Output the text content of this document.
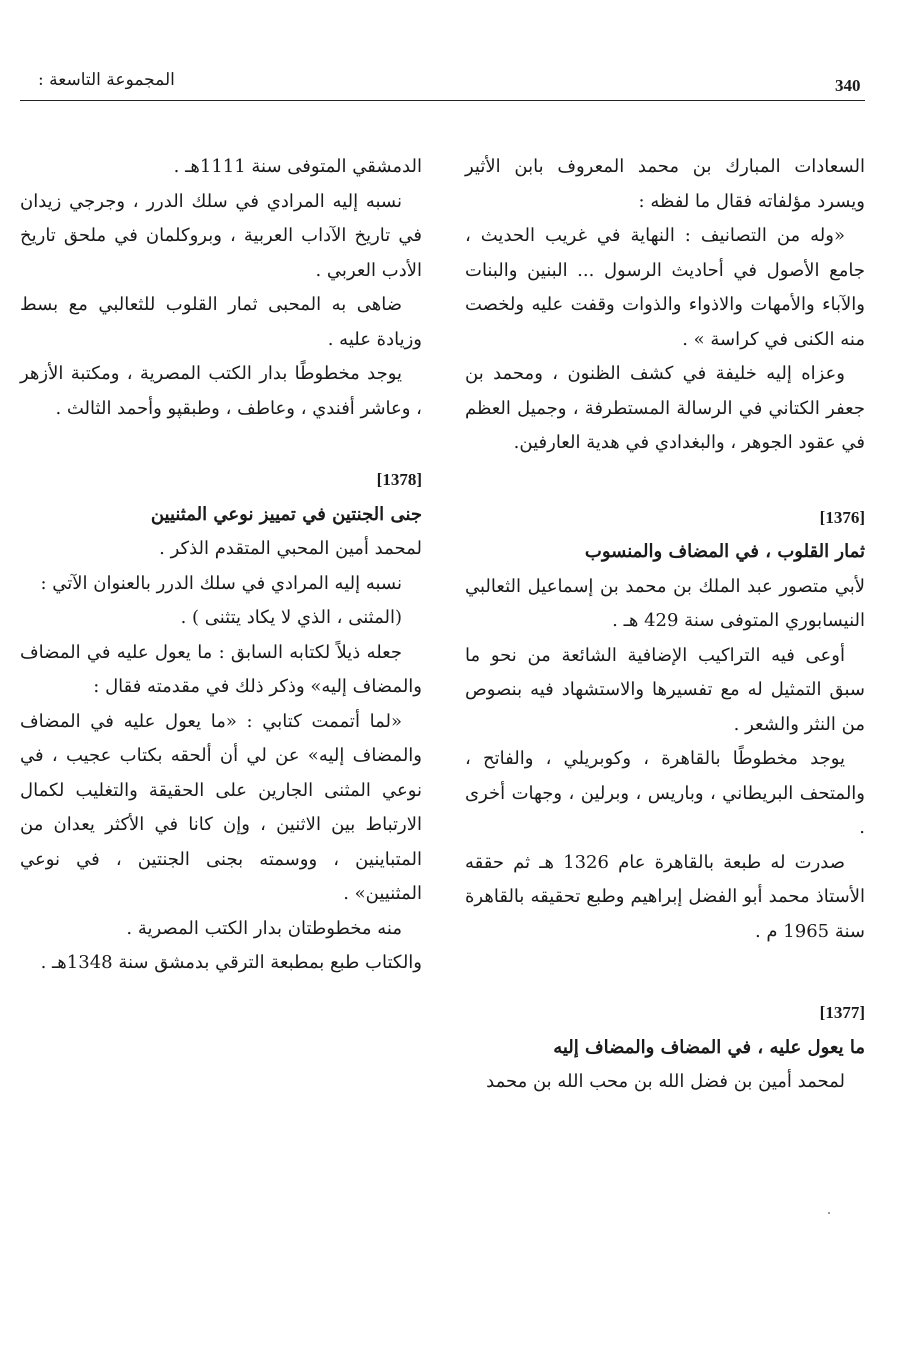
340
المجموعة التاسعة :

السعادات المبارك بن محمد المعروف بابن الأثير ويسرد مؤلفاته فقال ما لفظه :

«وله من التصانيف : النهاية في غريب الحديث ، جامع الأصول في أحاديث الرسول ... البنين والبنات والآباء والأمهات والاذواء والذوات وقفت عليه ولخصت منه الكنى في كراسة » .

وعزاه إليه خليفة في كشف الظنون ، ومحمد بن جعفر الكتاني في الرسالة المستطرفة ، وجميل العظم في عقود الجوهر ، والبغدادي في هدية العارفين.

[1376]

ثمار القلوب ، في المضاف والمنسوب

لأبي متصور عبد الملك بن محمد بن إسماعيل الثعالبي النيسابوري المتوفى سنة 429 هـ .

أوعى فيه التراكيب الإضافية الشائعة من نحو ما سبق التمثيل له مع تفسيرها والاستشهاد فيه بنصوص من النثر والشعر .

يوجد مخطوطًا بالقاهرة ، وكوبريلي ، والفاتح ، والمتحف البريطاني ، وباريس ، وبرلين ، وجهات أخرى .

صدرت له طبعة بالقاهرة عام 1326 هـ ثم حققه الأستاذ محمد أبو الفضل إبراهيم وطبع تحقيقه بالقاهرة سنة 1965 م .

[1377]

ما يعول عليه ، في المضاف والمضاف إليه

لمحمد أمين بن فضل الله بن محب الله بن محمد

الدمشقي المتوفى سنة 1111هـ .

نسبه إليه المرادي في سلك الدرر ، وجرجي زيدان في تاريخ الآداب العربية ، وبروكلمان في ملحق تاريخ الأدب العربي .

ضاهى به المحبى ثمار القلوب للثعالبي مع بسط وزيادة عليه .

يوجد مخطوطًا بدار الكتب المصرية ، ومكتبة الأزهر ، وعاشر أفندي ، وعاطف ، وطبقپو وأحمد الثالث .

[1378]

جنى الجنتين في تمييز نوعي المثنيين

لمحمد أمين المحبي المتقدم الذكر .

نسبه إليه المرادي في سلك الدرر بالعنوان الآتي :

(المثنى ، الذي لا يكاد يتثنى ) .

جعله ذيلاً لكتابه السابق : ما يعول عليه في المضاف والمضاف إليه» وذكر ذلك في مقدمته فقال :

«لما أتممت كتابي : «ما يعول عليه في المضاف والمضاف إليه» عن لي أن ألحقه بكتاب عجيب ، في نوعي المثنى الجارين على الحقيقة والتغليب لكمال الارتباط بين الاثنين ، وإن كانا في الأكثر يعدان من المتباينين ، ووسمته بجنى الجنتين ، في نوعي المثنيين» .

منه مخطوطتان بدار الكتب المصرية .

والكتاب طبع بمطبعة الترقي بدمشق سنة 1348هـ .
